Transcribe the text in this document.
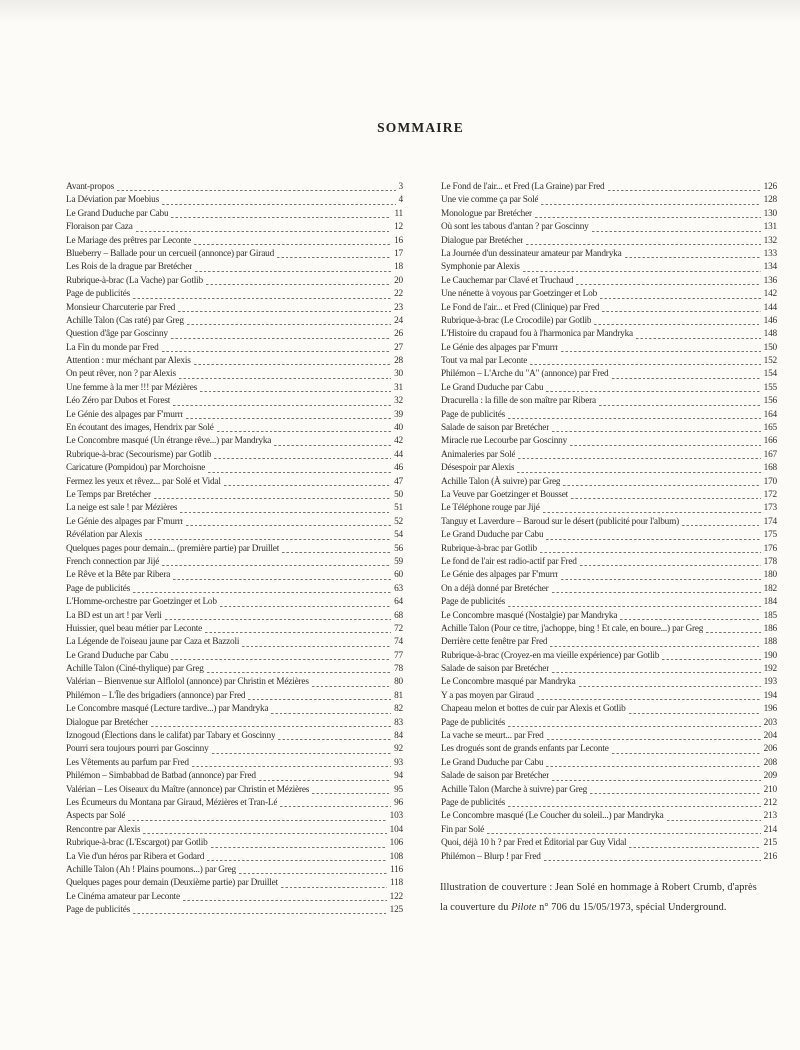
SOMMAIRE
Avant-propos	3
La Déviation par Moebius	4
Le Grand Duduche par Cabu	11
Floraison par Caza	12
Le Mariage des prêtres par Leconte	16
Blueberry – Ballade pour un cercueil (annonce) par Giraud	17
Les Rois de la drague par Bretécher	18
Rubrique-à-brac (La Vache) par Gotlib	20
Page de publicités	22
Monsieur Charcuterie par Fred	23
Achille Talon (Cas raté) par Greg	24
Question d'âge par Goscinny	26
La Fin du monde par Fred	27
Attention : mur méchant par Alexis	28
On peut rêver, non ? par Alexis	30
Une femme à la mer !!! par Mézières	31
Léo Zéro par Dubos et Forest	32
Le Génie des alpages par F'murrr	39
En écoutant des images, Hendrix par Solé	40
Le Concombre masqué (Un étrange rêve...) par Mandryka	42
Rubrique-à-brac (Secourisme) par Gotlib	44
Caricature (Pompidou) par Morchoisne	46
Fermez les yeux et rêvez... par Solé et Vidal	47
Le Temps par Bretécher	50
La neige est sale ! par Mézières	51
Le Génie des alpages par F'murrr	52
Révélation par Alexis	54
Quelques pages pour demain... (première partie) par Druillet	56
French connection par Jijé	59
Le Rêve et la Bête par Ribera	60
Page de publicités	63
L'Homme-orchestre par Goetzinger et Lob	64
La BD est un art ! par Verli	68
Huissier, quel beau métier par Leconte	72
La Légende de l'oiseau jaune par Caza et Bazzoli	74
Le Grand Duduche par Cabu	77
Achille Talon (Ciné-thylique) par Greg	78
Valérian – Bienvenue sur Alflolol (annonce) par Christin et Mézières	80
Philémon – L'Île des brigadiers (annonce) par Fred	81
Le Concombre masqué (Lecture tardive...) par Mandryka	82
Dialogue par Bretécher	83
Iznogoud (Élections dans le califat) par Tabary et Goscinny	84
Pourri sera toujours pourri par Goscinny	92
Les Vêtements au parfum par Fred	93
Philémon – Simbabbad de Batbad (annonce) par Fred	94
Valérian – Les Oiseaux du Maître (annonce) par Christin et Mézières	95
Les Écumeurs du Montana par Giraud, Mézières et Tran-Lé	96
Aspects par Solé	103
Rencontre par Alexis	104
Rubrique-à-brac (L'Escargot) par Gotlib	106
La Vie d'un héros par Ribera et Godard	108
Achille Talon (Ah ! Plains poumons...) par Greg	116
Quelques pages pour demain (Deuxième partie) par Druillet	118
Le Cinéma amateur par Leconte	122
Page de publicités	125
Le Fond de l'air... et Fred (La Graine) par Fred	126
Une vie comme ça par Solé	128
Monologue par Bretécher	130
Où sont les tabous d'antan ? par Goscinny	131
Dialogue par Bretécher	132
La Journée d'un dessinateur amateur par Mandryka	133
Symphonie par Alexis	134
Le Cauchemar par Clavé et Truchaud	136
Une nénette à voyous par Goetzinger et Lob	142
Le Fond de l'air... et Fred (Clinique) par Fred	144
Rubrique-à-brac (Le Crocodile) par Gotlib	146
L'Histoire du crapaud fou à l'harmonica par Mandryka	148
Le Génie des alpages par F'murrr	150
Tout va mal par Leconte	152
Philémon – L'Arche du "A" (annonce) par Fred	154
Le Grand Duduche par Cabu	155
Dracurella : la fille de son maître par Ribera	156
Page de publicités	164
Salade de saison par Bretécher	165
Miracle rue Lecourbe par Goscinny	166
Animaleries par Solé	167
Désespoir par Alexis	168
Achille Talon (À suivre) par Greg	170
La Veuve par Goetzinger et Bousset	172
Le Téléphone rouge par Jijé	173
Tanguy et Laverdure – Baroud sur le désert (publicité pour l'album)	174
Le Grand Duduche par Cabu	175
Rubrique-à-brac par Gotlib	176
Le fond de l'air est radio-actif par Fred	178
Le Génie des alpages par F'murrr	180
On a déjà donné par Bretécher	182
Page de publicités	184
Le Concombre masqué (Nostalgie) par Mandryka	185
Achille Talon (Pour ce titre, j'achoppe, bing ! Et cale, en boure...) par Greg	186
Derrière cette fenêtre par Fred	188
Rubrique-à-brac (Croyez-en ma vieille expérience) par Gotlib	190
Salade de saison par Bretécher	192
Le Concombre masqué par Mandryka	193
Y a pas moyen par Giraud	194
Chapeau melon et bottes de cuir par Alexis et Gotlib	196
Page de publicités	203
La vache se meurt... par Fred	204
Les drogués sont de grands enfants par Leconte	206
Le Grand Duduche par Cabu	208
Salade de saison par Bretécher	209
Achille Talon (Marche à suivre) par Greg	210
Page de publicités	212
Le Concombre masqué (Le Coucher du soleil...) par Mandryka	213
Fin par Solé	214
Quoi, déjà 10 h ? par Fred et Éditorial par Guy Vidal	215
Philémon – Blurp ! par Fred	216

Illustration de couverture : Jean Solé en hommage à Robert Crumb, d'après
la couverture du Pilote n° 706 du 15/05/1973, spécial Underground.
